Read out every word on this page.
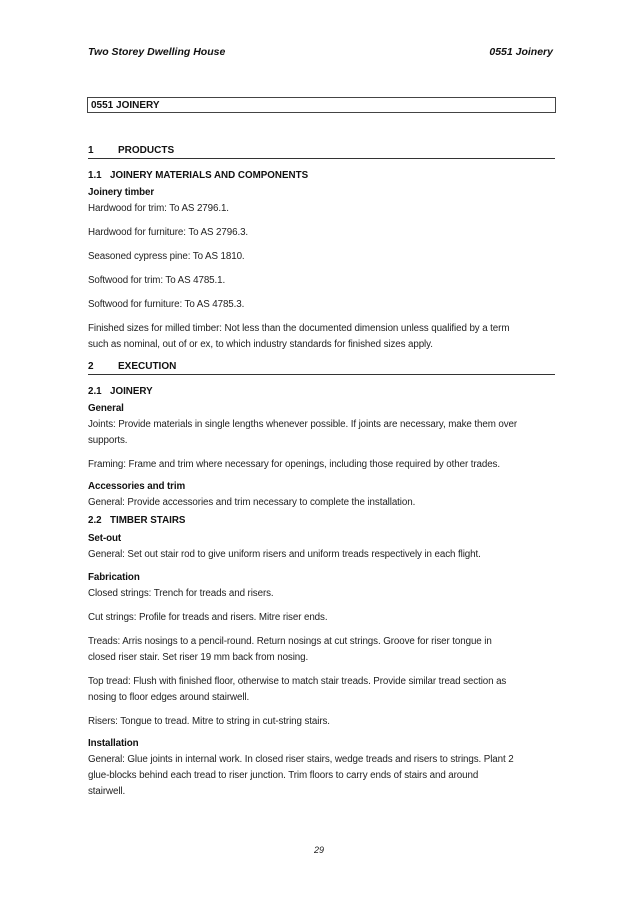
Two Storey Dwelling House	0551 Joinery
0551 JOINERY
1 PRODUCTS
1.1 JOINERY MATERIALS AND COMPONENTS
Joinery timber
Hardwood for trim: To AS 2796.1.
Hardwood for furniture: To AS 2796.3.
Seasoned cypress pine: To AS 1810.
Softwood for trim: To AS 4785.1.
Softwood for furniture: To AS 4785.3.
Finished sizes for milled timber: Not less than the documented dimension unless qualified by a term
such as nominal, out of or ex, to which industry standards for finished sizes apply.
2 EXECUTION
2.1 JOINERY
General
Joints: Provide materials in single lengths whenever possible. If joints are necessary, make them over
supports.
Framing: Frame and trim where necessary for openings, including those required by other trades.
Accessories and trim
General: Provide accessories and trim necessary to complete the installation.
2.2 TIMBER STAIRS
Set-out
General: Set out stair rod to give uniform risers and uniform treads respectively in each flight.
Fabrication
Closed strings: Trench for treads and risers.
Cut strings: Profile for treads and risers. Mitre riser ends.
Treads: Arris nosings to a pencil-round. Return nosings at cut strings. Groove for riser tongue in
closed riser stair. Set riser 19 mm back from nosing.
Top tread: Flush with finished floor, otherwise to match stair treads. Provide similar tread section as
nosing to floor edges around stairwell.
Risers: Tongue to tread. Mitre to string in cut-string stairs.
Installation
General: Glue joints in internal work. In closed riser stairs, wedge treads and risers to strings. Plant 2
glue-blocks behind each tread to riser junction. Trim floors to carry ends of stairs and around
stairwell.
29
